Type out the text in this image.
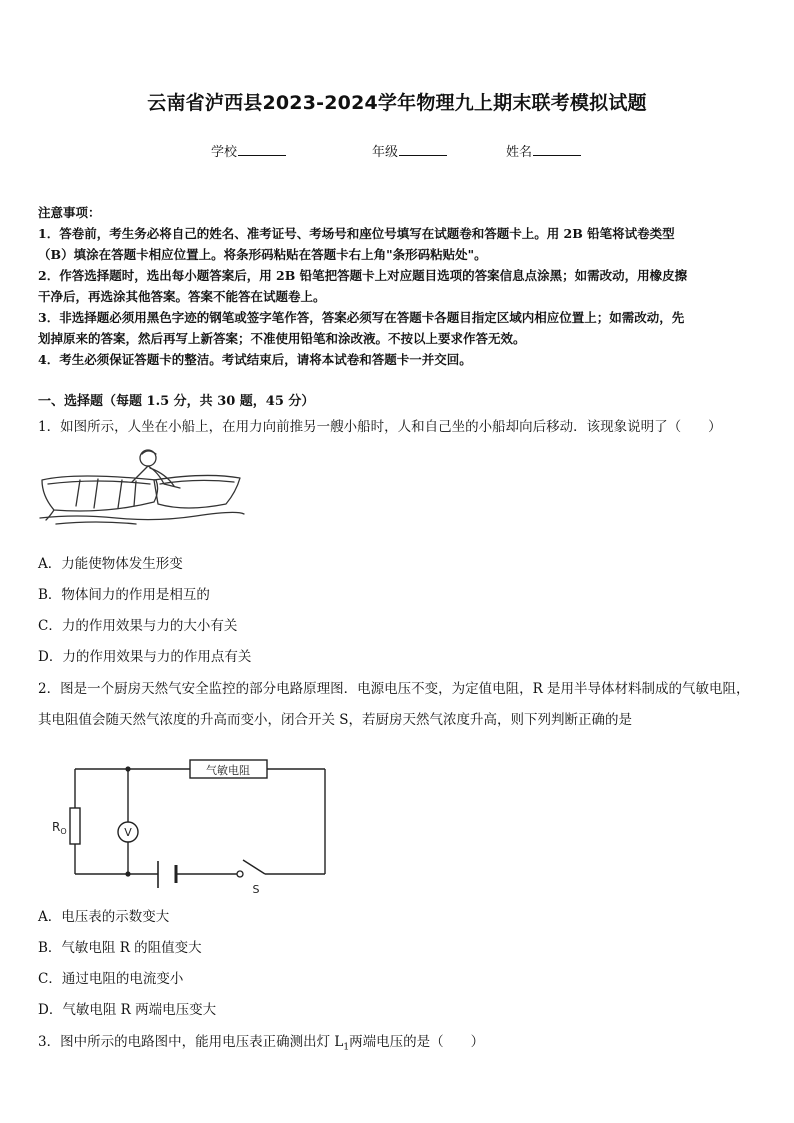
云南省泸西县2023-2024学年物理九上期末联考模拟试题
学校	年级	姓名
注意事项：
1．答卷前，考生务必将自己的姓名、准考证号、考场号和座位号填写在试题卷和答题卡上。用 2B 铅笔将试卷类型
（B）填涂在答题卡相应位置上。将条形码粘贴在答题卡右上角"条形码粘贴处"。
2．作答选择题时，选出每小题答案后，用 2B 铅笔把答题卡上对应题目选项的答案信息点涂黑；如需改动，用橡皮擦
干净后，再选涂其他答案。答案不能答在试题卷上。
3．非选择题必须用黑色字迹的钢笔或签字笔作答，答案必须写在答题卡各题目指定区域内相应位置上；如需改动，先
划掉原来的答案，然后再写上新答案；不准使用铅笔和涂改液。不按以上要求作答无效。
4．考生必须保证答题卡的整洁。考试结束后，请将本试卷和答题卡一并交回。
一、选择题（每题 1.5 分，共 30 题，45 分）
1．如图所示，人坐在小船上，在用力向前推另一艘小船时，人和自己坐的小船却向后移动．该现象说明了（　　）
A．力能使物体发生形变
B．物体间力的作用是相互的
C．力的作用效果与力的大小有关
D．力的作用效果与力的作用点有关
2．图是一个厨房天然气安全监控的部分电路原理图．电源电压不变，为定值电阻，R 是用半导体材料制成的气敏电阻，
其电阻值会随天然气浓度的升高而变小，闭合开关 S，若厨房天然气浓度升高，则下列判断正确的是
气敏电阻
$R_O$	V
S
A．电压表的示数变大
B．气敏电阻 R 的阻值变大
C．通过电阻的电流变小
D．气敏电阻 R 两端电压变大
3．图中所示的电路图中，能用电压表正确测出灯 $L_1$两端电压的是（　　）
